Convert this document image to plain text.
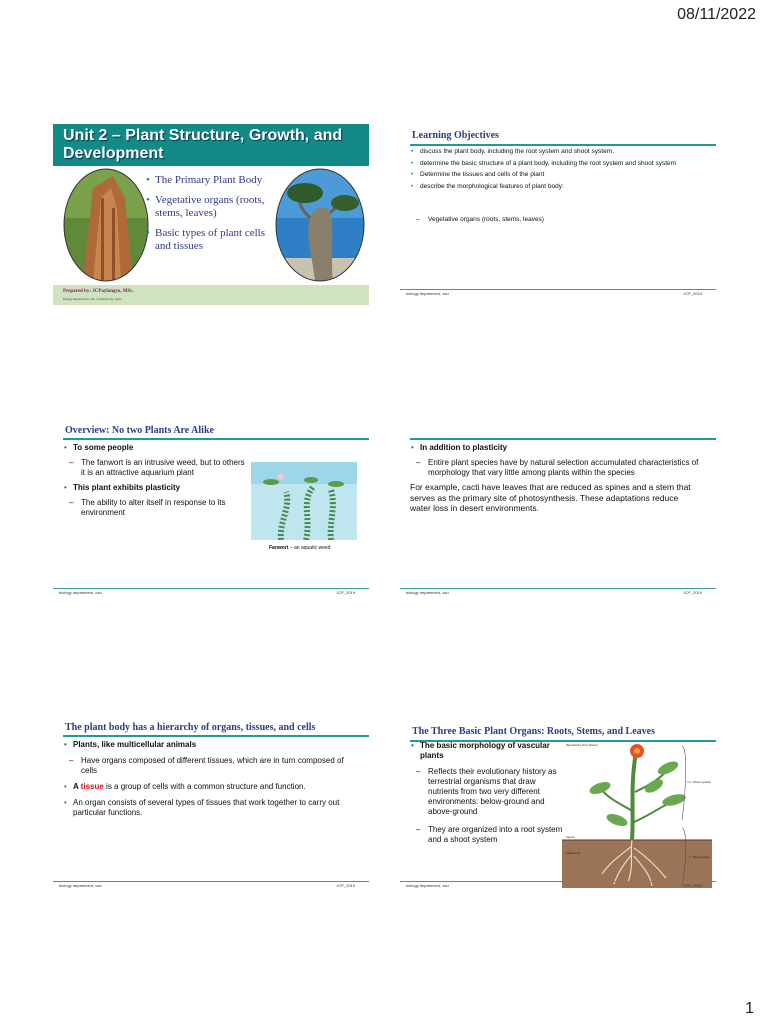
08/11/2022
Unit 2 – Plant Structure, Growth, and
Development
• The Primary Plant Body
• Vegetative organs (roots, stems, leaves)
• Basic types of plant cells and tissues
Prepared by: JCPaylangco, MSc.
biology department | cbt | cordova city, cebu
Learning Objectives
• discuss the plant body, including the root system and shoot system.
• determine the basic structure of a plant body, including the root system and shoot system
• Determine the tissues and cells of the plant
• describe the morphological features of plant body:
– Vegetative organs (roots, stems, leaves)
biology department, cau	JCP_2019
Overview: No two Plants Are Alike
• To some people
– The fanwort is an intrusive weed, but to others it is an attractive aquarium plant
• This plant exhibits plasticity
– The ability to alter itself in response to its environment
Fanwort – an aquatic weed
biology department, cau	JCP_2019
• In addition to plasticity
– Entire plant species have by natural selection accumulated characteristics of morphology that vary little among plants within the species
For example, cacti have leaves that are reduced as spines and a stem that serves as the primary site of photosynthesis. These adaptations reduce water loss in desert environments.
biology department, cau	JCP_2019
The plant body has a hierarchy of organs, tissues, and cells
• Plants, like multicellular animals
– Have organs composed of different tissues, which are in turn composed of cells
• A tissue is a group of cells with a common structure and function.
• An organ consists of several types of tissues that work together to carry out particular functions.
biology department, cau	JCP_2019
The Three Basic Plant Organs: Roots, Stems, and Leaves
• The basic morphology of vascular plants
– Reflects their evolutionary history as terrestrial organisms that draw nutrients from two very different environments: below-ground and above-ground
– They are organized into a root system and a shoot system
Shoot system
Root system
Reproductive shoot (flower)
Taproot
Lateral roots
biology department, cau	JCP_2019
1
